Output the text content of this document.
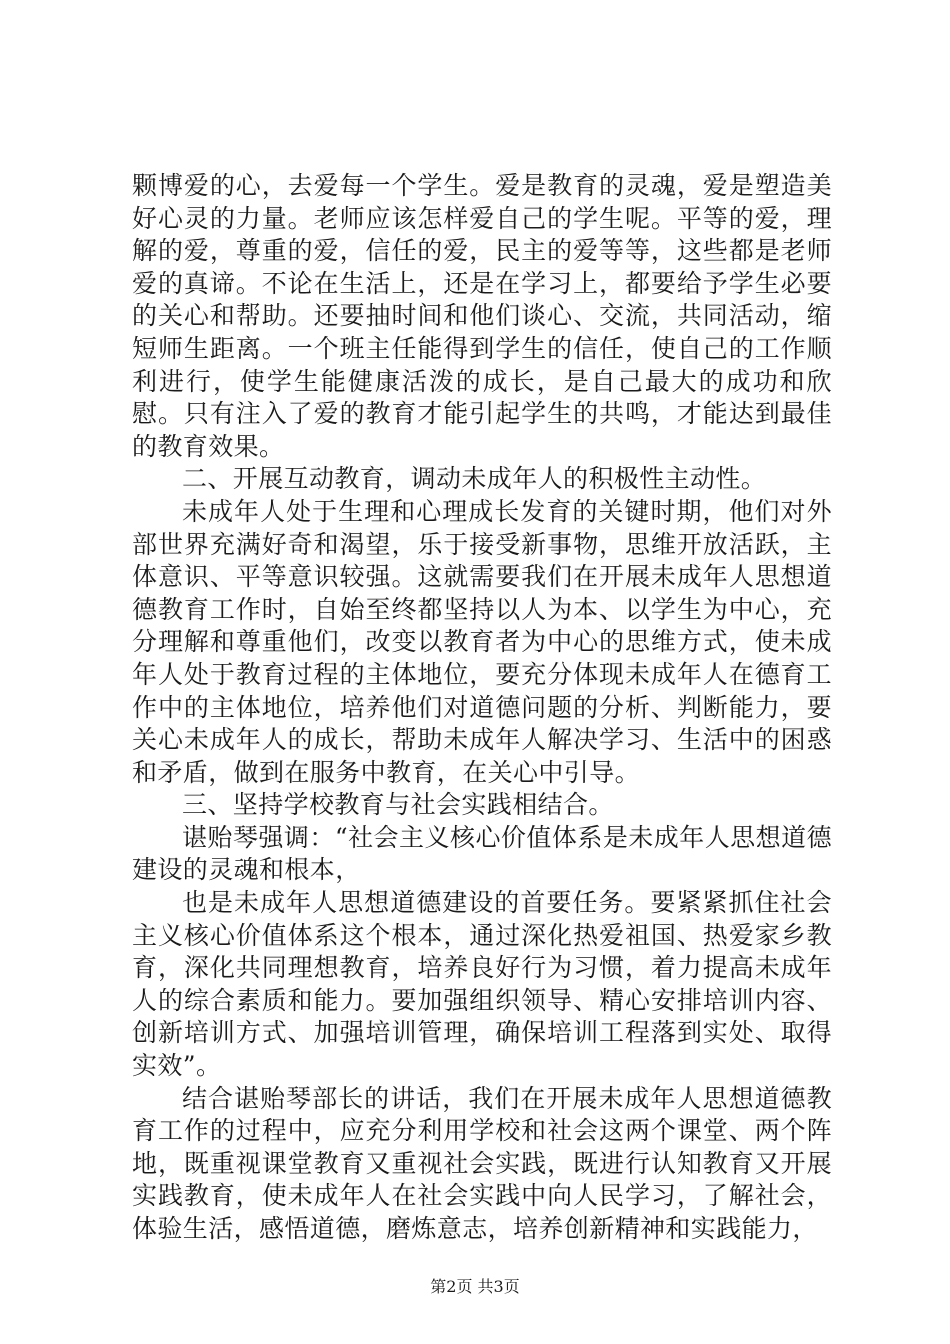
颗博爱的心，去爱每一个学生。爱是教育的灵魂，爱是塑造美好心灵的力量。老师应该怎样爱自己的学生呢。平等的爱，理解的爱，尊重的爱，信任的爱，民主的爱等等，这些都是老师爱的真谛。不论在生活上，还是在学习上，都要给予学生必要的关心和帮助。还要抽时间和他们谈心、交流，共同活动，缩短师生距离。一个班主任能得到学生的信任，使自己的工作顺利进行，使学生能健康活泼的成长，是自己最大的成功和欣慰。只有注入了爱的教育才能引起学生的共鸣，才能达到最佳的教育效果。

二、开展互动教育，调动未成年人的积极性主动性。

未成年人处于生理和心理成长发育的关键时期，他们对外部世界充满好奇和渴望，乐于接受新事物，思维开放活跃，主体意识、平等意识较强。这就需要我们在开展未成年人思想道德教育工作时，自始至终都坚持以人为本、以学生为中心，充分理解和尊重他们，改变以教育者为中心的思维方式，使未成年人处于教育过程的主体地位，要充分体现未成年人在德育工作中的主体地位，培养他们对道德问题的分析、判断能力，要关心未成年人的成长，帮助未成年人解决学习、生活中的困惑和矛盾，做到在服务中教育，在关心中引导。

三、坚持学校教育与社会实践相结合。

谌贻琴强调：“社会主义核心价值体系是未成年人思想道德建设的灵魂和根本，

也是未成年人思想道德建设的首要任务。要紧紧抓住社会主义核心价值体系这个根本，通过深化热爱祖国、热爱家乡教育，深化共同理想教育，培养良好行为习惯，着力提高未成年人的综合素质和能力。要加强组织领导、精心安排培训内容、创新培训方式、加强培训管理，确保培训工程落到实处、取得实效”。

结合谌贻琴部长的讲话，我们在开展未成年人思想道德教育工作的过程中，应充分利用学校和社会这两个课堂、两个阵地，既重视课堂教育又重视社会实践，既进行认知教育又开展实践教育，使未成年人在社会实践中向人民学习，了解社会，体验生活，感悟道德，磨炼意志，培养创新精神和实践能力，

第2页 共3页
